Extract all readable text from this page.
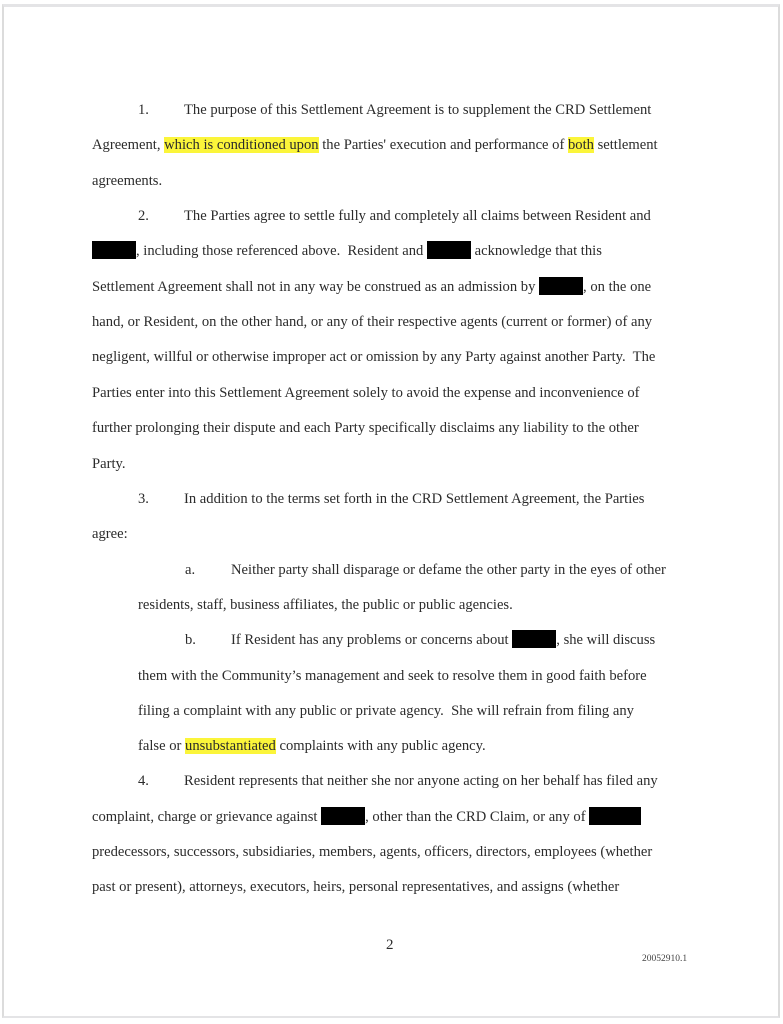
1. The purpose of this Settlement Agreement is to supplement the CRD Settlement
Agreement, which is conditioned upon the Parties' execution and performance of both settlement
agreements.
2. The Parties agree to settle fully and completely all claims between Resident and
, including those referenced above.  Resident and	acknowledge that this
Settlement Agreement shall not in any way be construed as an admission by	, on the one
hand, or Resident, on the other hand, or any of their respective agents (current or former) of any
negligent, willful or otherwise improper act or omission by any Party against another Party.  The
Parties enter into this Settlement Agreement solely to avoid the expense and inconvenience of
further prolonging their dispute and each Party specifically disclaims any liability to the other
Party.
3. In addition to the terms set forth in the CRD Settlement Agreement, the Parties
agree:
a. Neither party shall disparage or defame the other party in the eyes of other
residents, staff, business affiliates, the public or public agencies.
b. If Resident has any problems or concerns about	, she will discuss
them with the Community’s management and seek to resolve them in good faith before
filing a complaint with any public or private agency.  She will refrain from filing any
false or unsubstantiated complaints with any public agency.
4. Resident represents that neither she nor anyone acting on her behalf has filed any
complaint, charge or grievance against	, other than the CRD Claim, or any of
predecessors, successors, subsidiaries, members, agents, officers, directors, employees (whether
past or present), attorneys, executors, heirs, personal representatives, and assigns (whether
2
20052910.1
